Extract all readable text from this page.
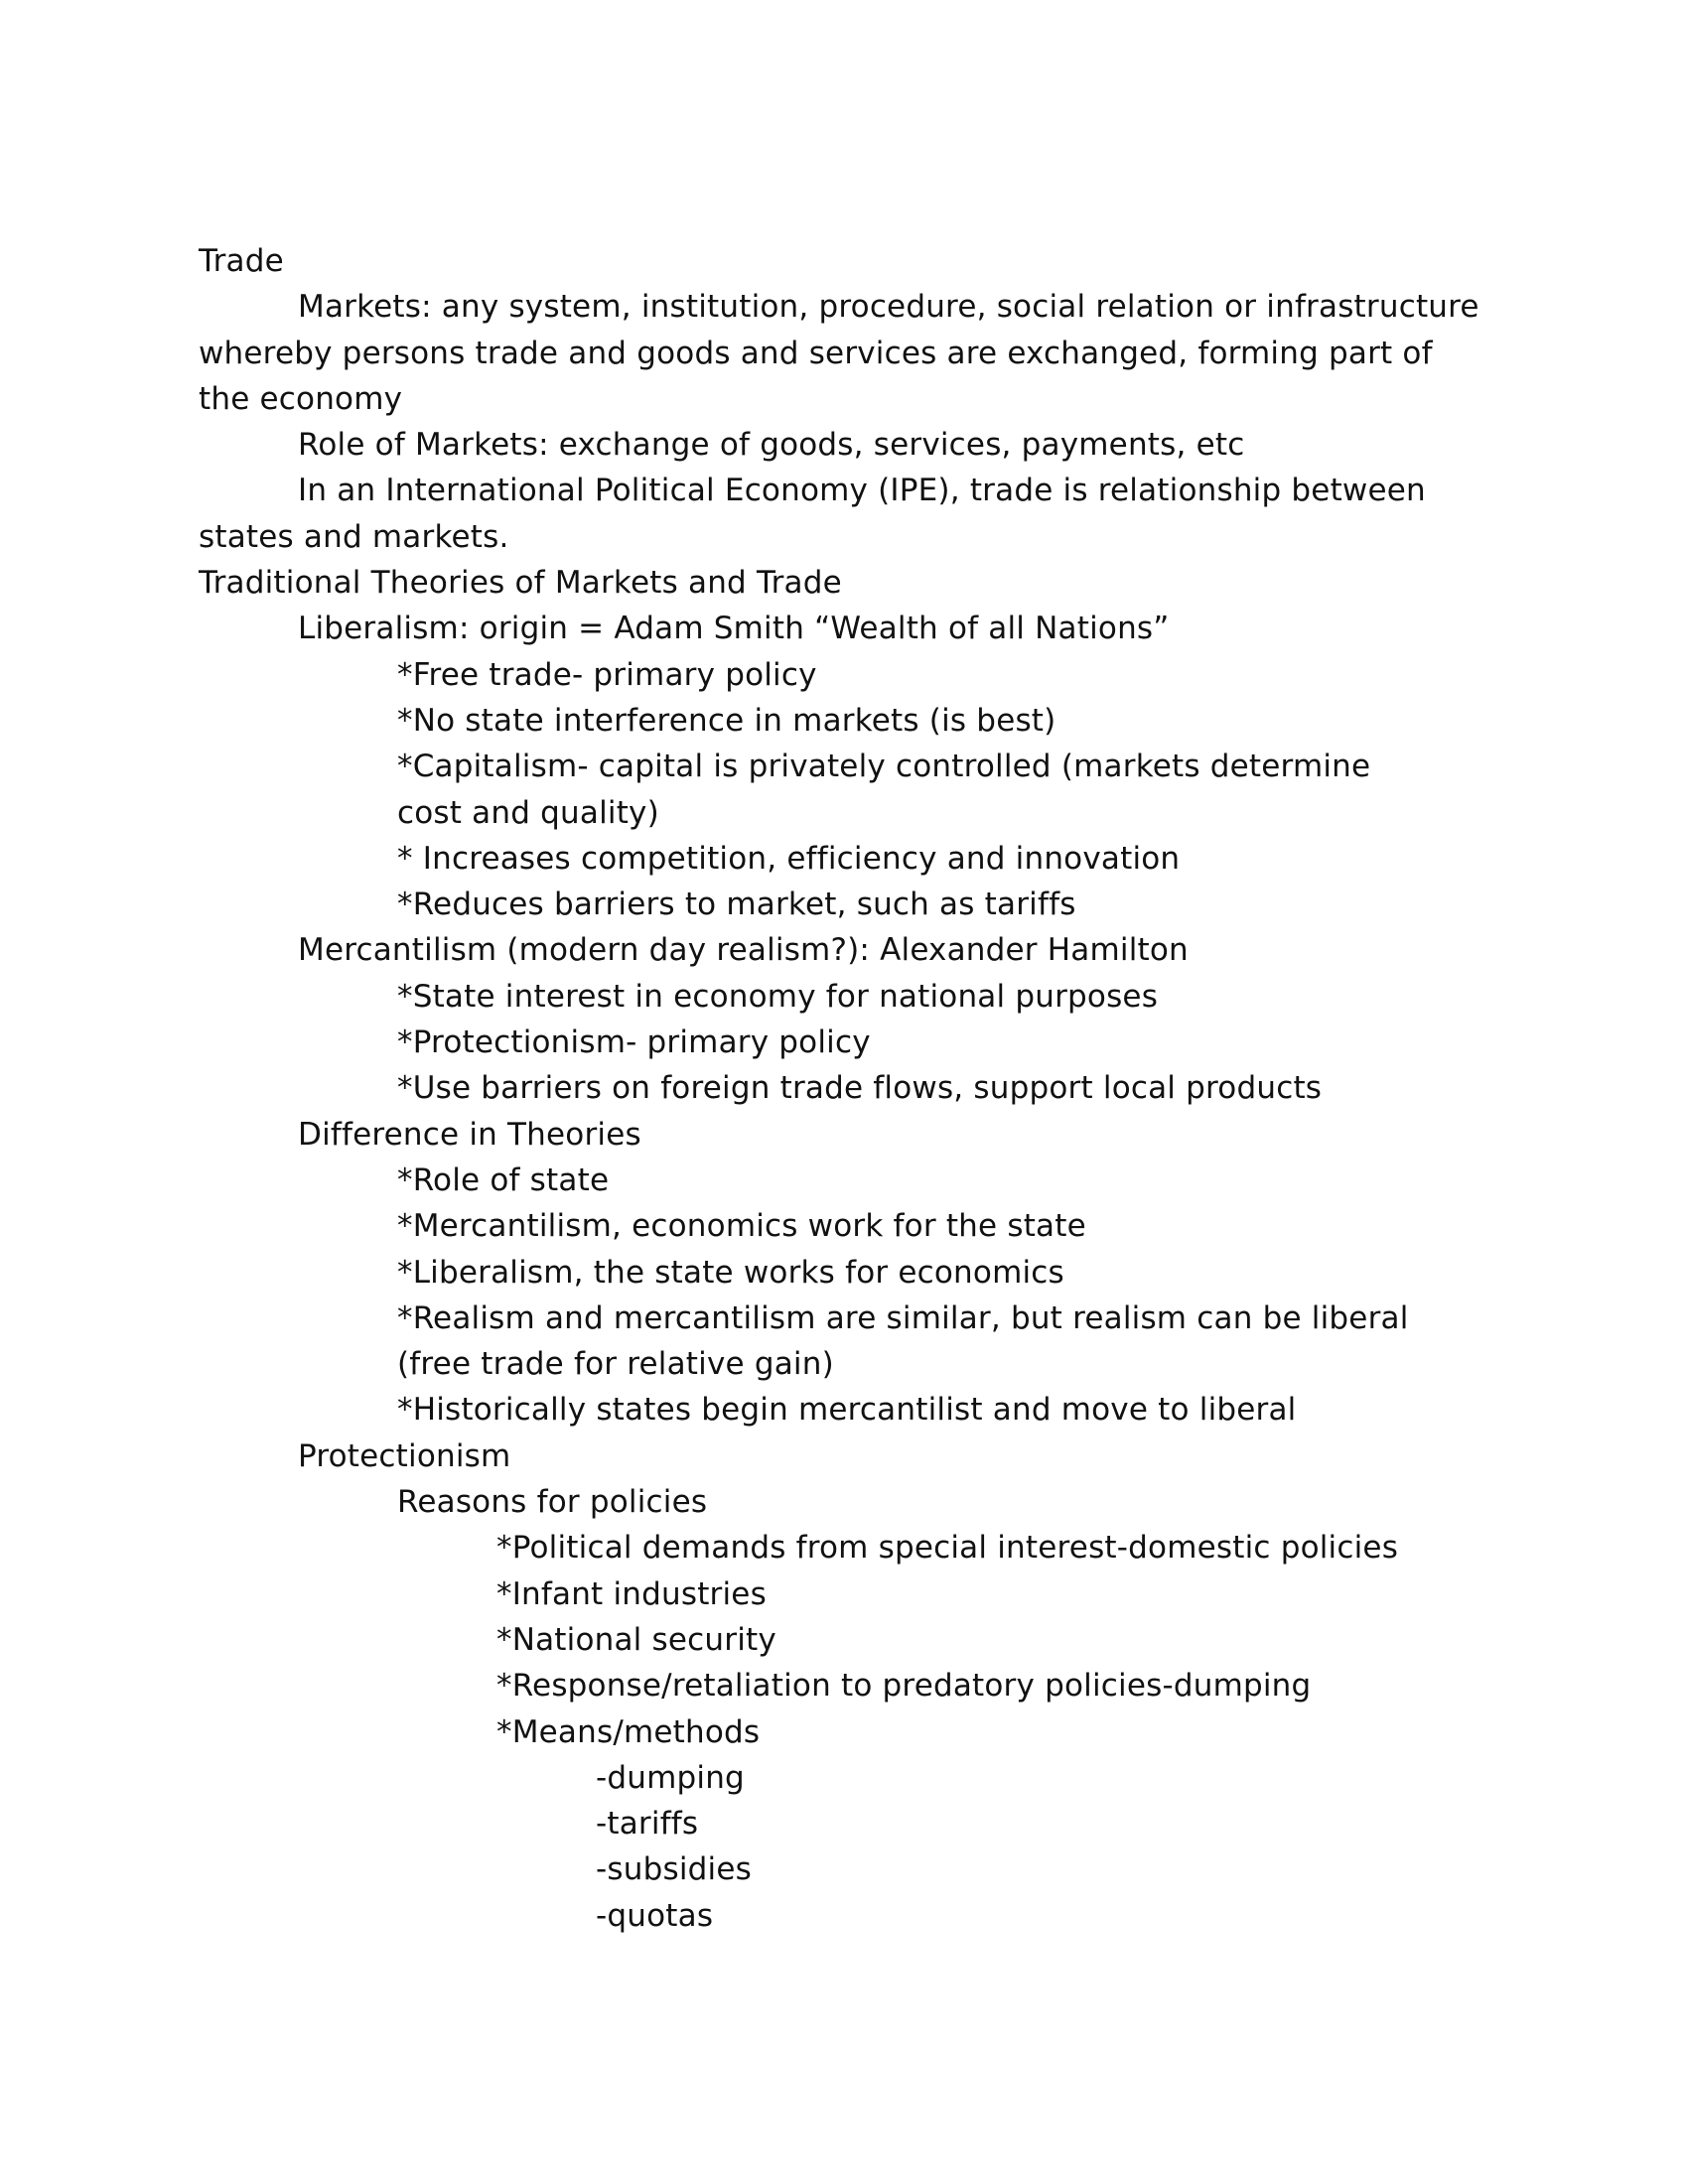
Trade
Markets: any system, institution, procedure, social relation or infrastructure whereby persons trade and goods and services are exchanged, forming part of the economy
Role of Markets: exchange of goods, services, payments, etc
In an International Political Economy (IPE), trade is relationship between states and markets.
Traditional Theories of Markets and Trade
Liberalism: origin = Adam Smith “Wealth of all Nations”
*Free trade- primary policy
*No state interference in markets (is best)
*Capitalism- capital is privately controlled (markets determine cost and quality)
* Increases competition, efficiency and innovation
*Reduces barriers to market, such as tariffs
Mercantilism (modern day realism?): Alexander Hamilton
*State interest in economy for national purposes
*Protectionism- primary policy
*Use barriers on foreign trade flows, support local products
Difference in Theories
*Role of state
*Mercantilism, economics work for the state
*Liberalism, the state works for economics
*Realism and mercantilism are similar, but realism can be liberal (free trade for relative gain)
*Historically states begin mercantilist and move to liberal
Protectionism
Reasons for policies
*Political demands from special interest-domestic policies
*Infant industries
*National security
*Response/retaliation to predatory policies-dumping
*Means/methods
-dumping
-tariffs
-subsidies
-quotas
